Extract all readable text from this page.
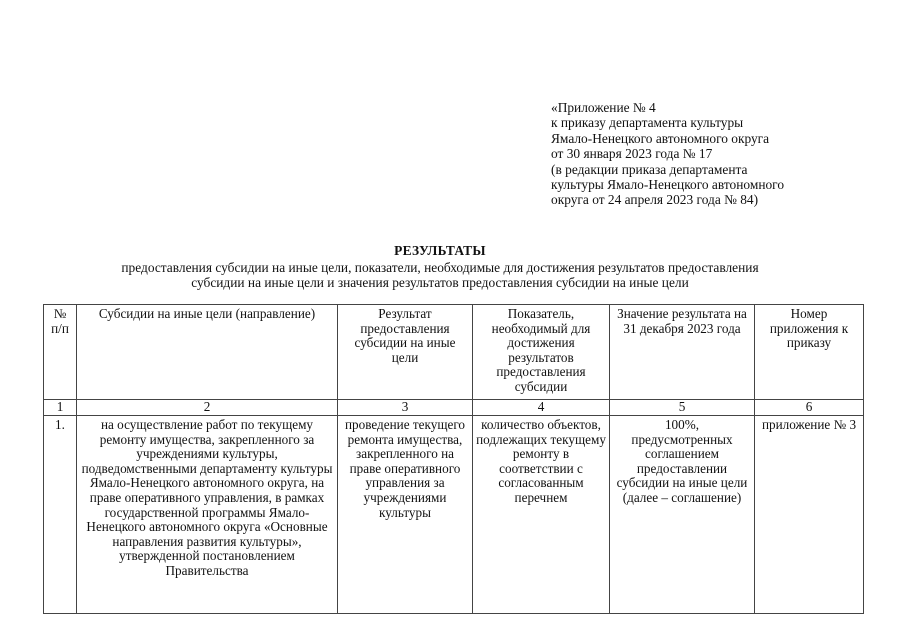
«Приложение № 4
к приказу департамента культуры
Ямало-Ненецкого автономного округа
от 30 января 2023 года № 17
(в редакции приказа департамента
культуры Ямало-Ненецкого автономного
округа от 24 апреля 2023 года № 84)
РЕЗУЛЬТАТЫ
предоставления субсидии на иные цели, показатели, необходимые для достижения результатов предоставления
субсидии на иные цели и значения результатов предоставления субсидии на иные цели
№ п/п	Субсидии на иные цели (направление)	Результат предоставления субсидии на иные цели	Показатель, необходимый для достижения результатов предоставления субсидии	Значение результата на 31 декабря 2023 года	Номер приложения к приказу
1	2	3	4	5	6
1.	на осуществление работ по текущему ремонту имущества, закрепленного за учреждениями культуры, подведомственными департаменту культуры Ямало-Ненецкого автономного округа, на праве оперативного управления, в рамках государственной программы Ямало-Ненецкого автономного округа «Основные направления развития культуры», утвержденной постановлением Правительства	проведение текущего ремонта имущества, закрепленного на праве оперативного управления за учреждениями культуры	количество объектов, подлежащих текущему ремонту в соответствии с согласованным перечнем	100%, предусмотренных соглашением предоставлении субсидии на иные цели (далее – соглашение)	приложение № 3
